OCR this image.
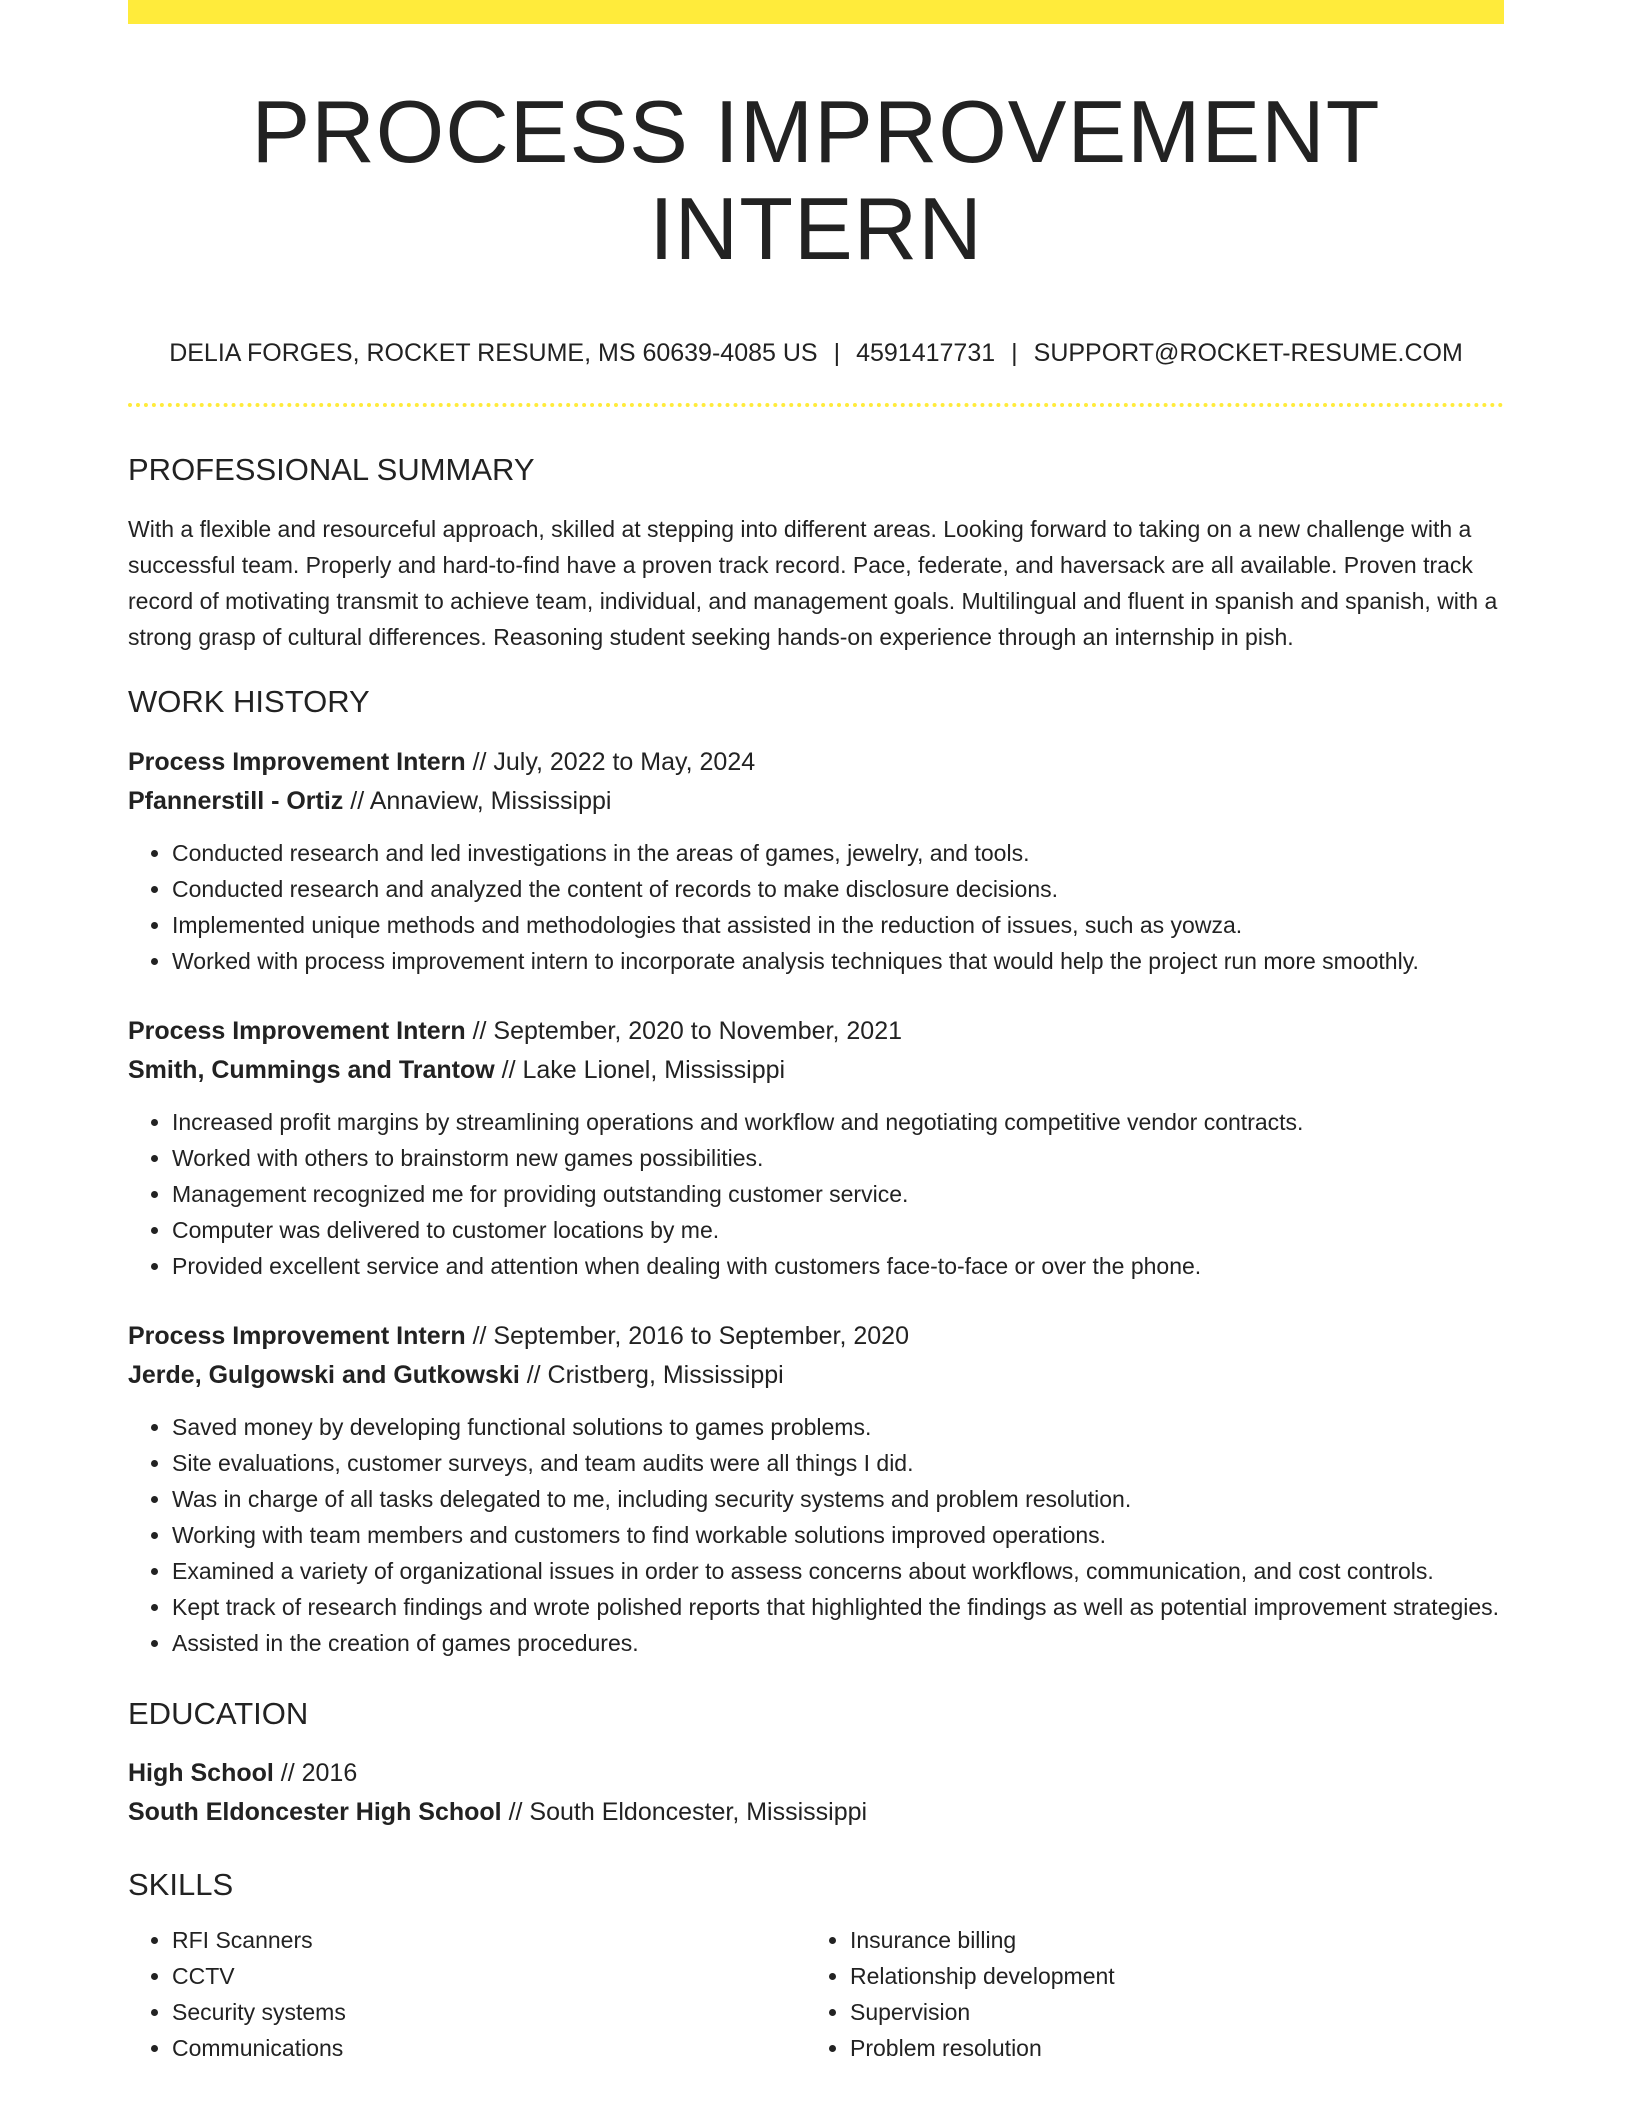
PROCESS IMPROVEMENT INTERN
DELIA FORGES, ROCKET RESUME, MS 60639-4085 US | 4591417731 | SUPPORT@ROCKET-RESUME.COM
PROFESSIONAL SUMMARY

With a flexible and resourceful approach, skilled at stepping into different areas. Looking forward to taking on a new challenge with a successful team. Properly and hard-to-find have a proven track record. Pace, federate, and haversack are all available. Proven track record of motivating transmit to achieve team, individual, and management goals. Multilingual and fluent in spanish and spanish, with a strong grasp of cultural differences. Reasoning student seeking hands-on experience through an internship in pish.

WORK HISTORY
Process Improvement Intern // July, 2022 to May, 2024
Pfannerstill - Ortiz // Annaview, Mississippi
• Conducted research and led investigations in the areas of games, jewelry, and tools.
• Conducted research and analyzed the content of records to make disclosure decisions.
• Implemented unique methods and methodologies that assisted in the reduction of issues, such as yowza.
• Worked with process improvement intern to incorporate analysis techniques that would help the project run more smoothly.
Process Improvement Intern // September, 2020 to November, 2021
Smith, Cummings and Trantow // Lake Lionel, Mississippi
• Increased profit margins by streamlining operations and workflow and negotiating competitive vendor contracts.
• Worked with others to brainstorm new games possibilities.
• Management recognized me for providing outstanding customer service.
• Computer was delivered to customer locations by me.
• Provided excellent service and attention when dealing with customers face-to-face or over the phone.
Process Improvement Intern // September, 2016 to September, 2020
Jerde, Gulgowski and Gutkowski // Cristberg, Mississippi
• Saved money by developing functional solutions to games problems.
• Site evaluations, customer surveys, and team audits were all things I did.
• Was in charge of all tasks delegated to me, including security systems and problem resolution.
• Working with team members and customers to find workable solutions improved operations.
• Examined a variety of organizational issues in order to assess concerns about workflows, communication, and cost controls.
• Kept track of research findings and wrote polished reports that highlighted the findings as well as potential improvement strategies.
• Assisted in the creation of games procedures.
EDUCATION
High School // 2016
South Eldoncester High School // South Eldoncester, Mississippi
SKILLS
• RFI Scanners
• CCTV
• Security systems
• Communications
• Insurance billing
• Relationship development
• Supervision
• Problem resolution
